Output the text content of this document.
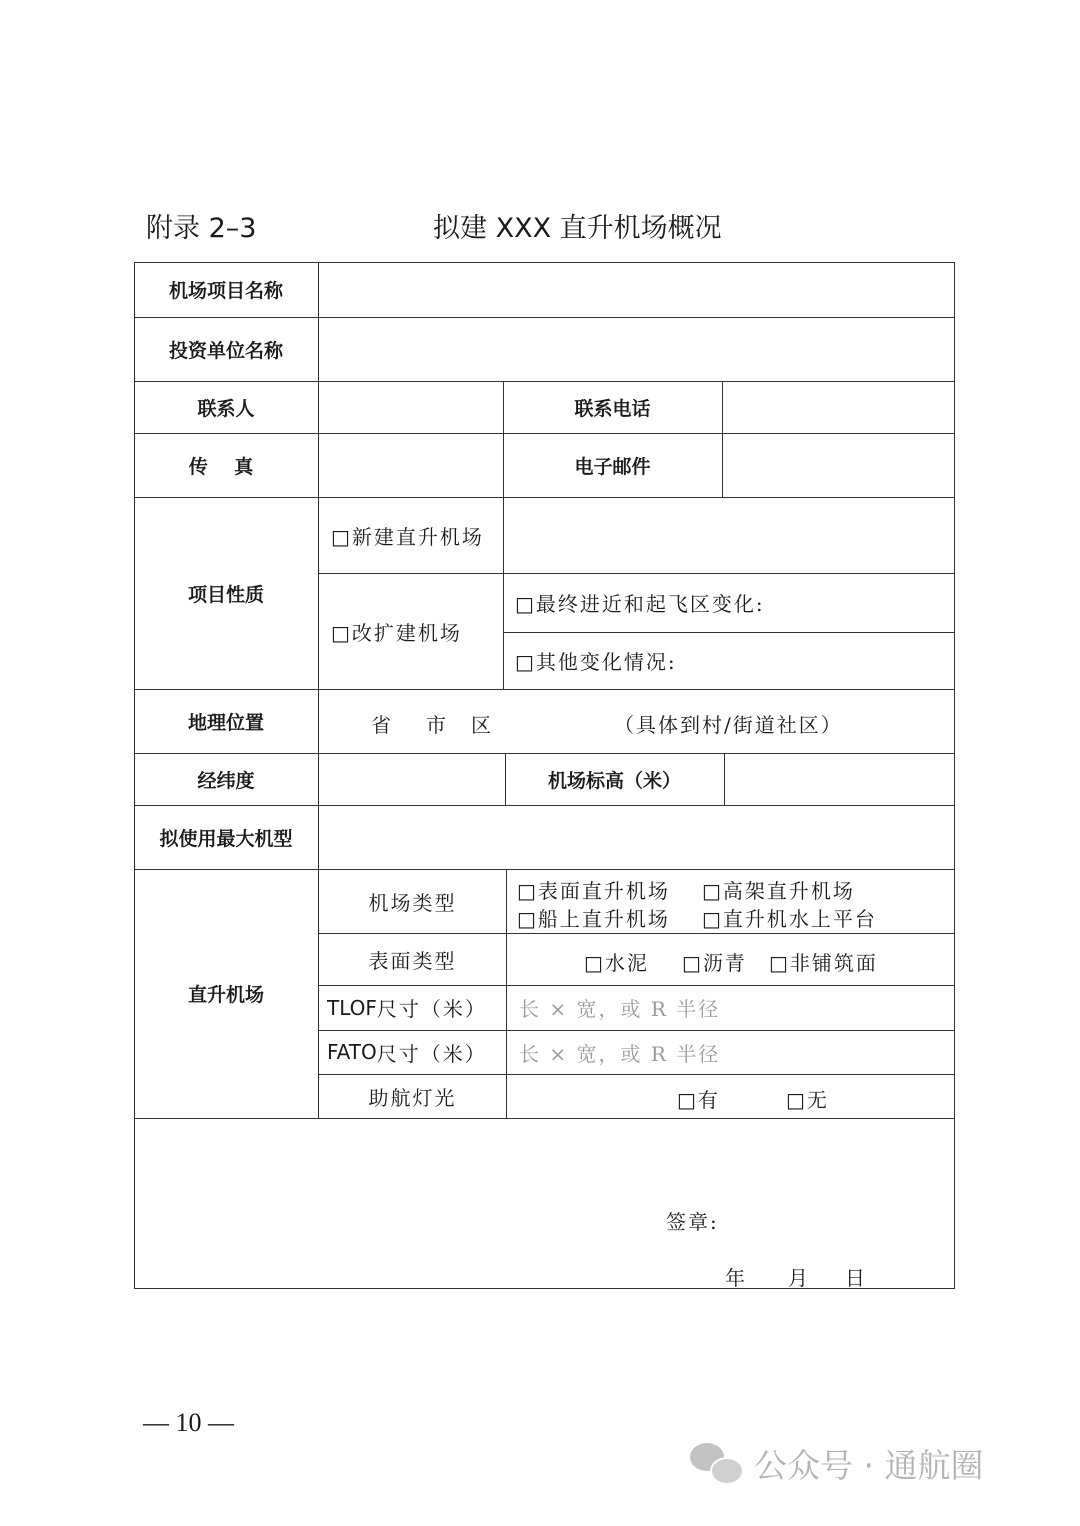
附录 2–3	拟建 XXX 直升机场概况
机场项目名称
投资单位名称
联系人	联系电话
传 真	电子邮件
项目性质
□新建直升机场
□改扩建机场
□最终进近和起飞区变化:
□其他变化情况:
地理位置	省 市 区	（具体到村/街道社区）
经纬度	机场标高（米）
拟使用最大机型
直升机场
机场类型	□表面直升机场 □高架直升机场
□船上直升机场 □直升机水上平台
表面类型	□水泥 □沥青 □非铺筑面
TLOF 尺寸（米）	长 × 宽，或 R 半径
FATO 尺寸（米）	长 × 宽，或 R 半径
助航灯光	□有	□无
签章:
年 月 日
— 10 —
公众号 · 通航圈
